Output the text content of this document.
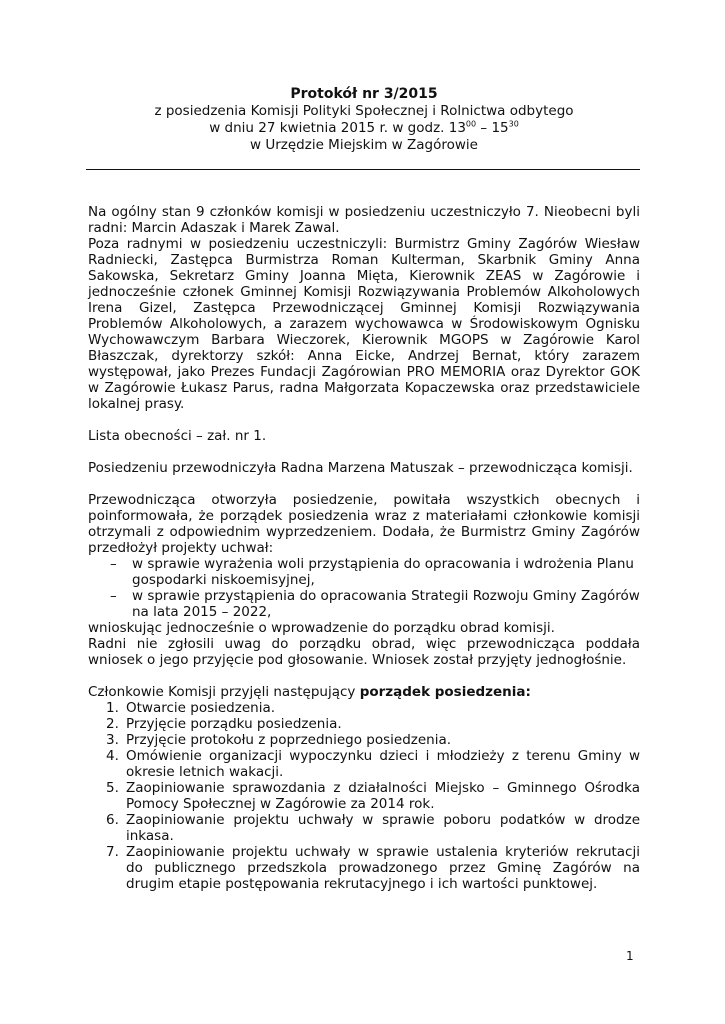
Protokół nr 3/2015
z posiedzenia Komisji Polityki Społecznej i Rolnictwa odbytego
w dniu 27 kwietnia 2015 r. w godz. $13^{00} - 15^{30}$
w Urzędzie Miejskim w Zagórowie

Na ogólny stan 9 członków komisji w posiedzeniu uczestniczyło 7. Nieobecni byli radni: Marcin Adaszak i Marek Zawal.

Poza radnymi w posiedzeniu uczestniczyli: Burmistrz Gminy Zagórów Wiesław Radniecki, Zastępca Burmistrza Roman Kulterman, Skarbnik Gminy Anna Sakowska, Sekretarz Gminy Joanna Mięta, Kierownik ZEAS w Zagórowie i jednocześnie członek Gminnej Komisji Rozwiązywania Problemów Alkoholowych Irena Gizel, Zastępca Przewodniczącej Gminnej Komisji Rozwiązywania Problemów Alkoholowych, a zarazem wychowawca w Środowiskowym Ognisku Wychowawczym Barbara Wieczorek, Kierownik MGOPS w Zagórowie Karol Błaszczak, dyrektorzy szkół: Anna Eicke, Andrzej Bernat, który zarazem występował, jako Prezes Fundacji Zagórowian PRO MEMORIA oraz Dyrektor GOK w Zagórowie Łukasz Parus, radna Małgorzata Kopaczewska oraz przedstawiciele lokalnej prasy.

Lista obecności – zał. nr 1.

Posiedzeniu przewodniczyła Radna Marzena Matuszak – przewodnicząca komisji.

Przewodnicząca otworzyła posiedzenie, powitała wszystkich obecnych i poinformowała, że porządek posiedzenia wraz z materiałami członkowie komisji otrzymali z odpowiednim wyprzedzeniem. Dodała, że Burmistrz Gminy Zagórów przedłożył projekty uchwał:

– w sprawie wyrażenia woli przystąpienia do opracowania i wdrożenia Planu gospodarki niskoemisyjnej,
– w sprawie przystąpienia do opracowania Strategii Rozwoju Gminy Zagórów na lata 2015 – 2022,

wnioskując jednocześnie o wprowadzenie do porządku obrad komisji.

Radni nie zgłosili uwag do porządku obrad, więc przewodnicząca poddała wniosek o jego przyjęcie pod głosowanie. Wniosek został przyjęty jednogłośnie.

Członkowie Komisji przyjęli następujący porządek posiedzenia:

1. Otwarcie posiedzenia.
2. Przyjęcie porządku posiedzenia.
3. Przyjęcie protokołu z poprzedniego posiedzenia.
4. Omówienie organizacji wypoczynku dzieci i młodzieży z terenu Gminy w okresie letnich wakacji.
5. Zaopiniowanie sprawozdania z działalności Miejsko – Gminnego Ośrodka Pomocy Społecznej w Zagórowie za 2014 rok.
6. Zaopiniowanie projektu uchwały w sprawie poboru podatków w drodze inkasa.
7. Zaopiniowanie projektu uchwały w sprawie ustalenia kryteriów rekrutacji do publicznego przedszkola prowadzonego przez Gminę Zagórów na drugim etapie postępowania rekrutacyjnego i ich wartości punktowej.
1
